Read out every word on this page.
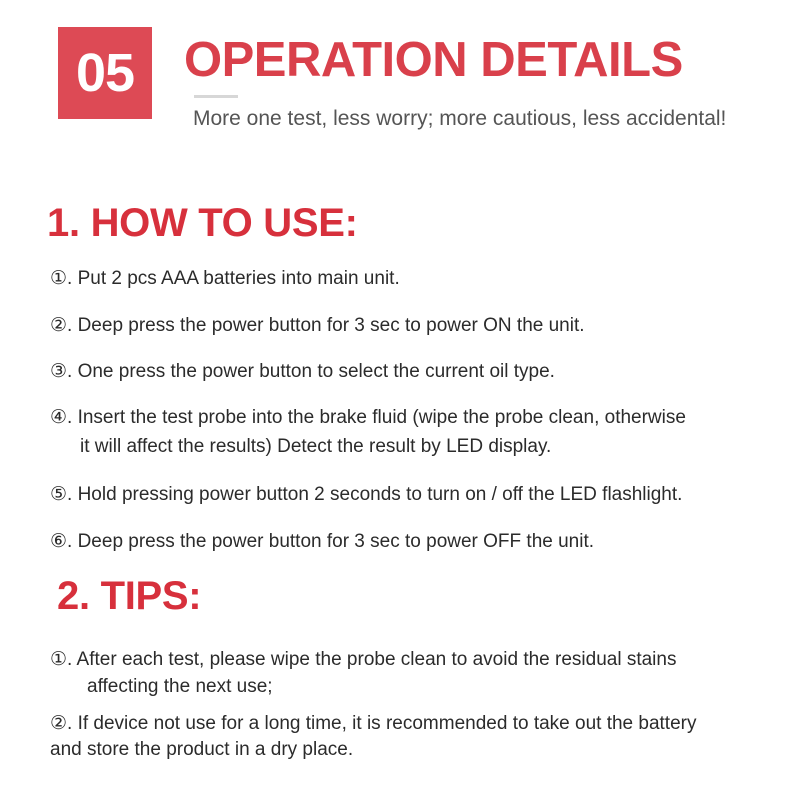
05 OPERATION DETAILS
More one test, less worry; more cautious, less accidental!
1. HOW TO USE:
①. Put 2 pcs AAA batteries into main unit.
②. Deep press the power button for 3 sec to power ON the unit.
③. One press the power button to select the current oil type.
④. Insert the test probe into the brake fluid (wipe the probe clean, otherwise
it will affect the results) Detect the result by LED display.
⑤. Hold pressing power button 2 seconds to turn on / off the LED flashlight.
⑥. Deep press the power button for 3 sec to power OFF the unit.
2. TIPS:
①. After each test, please wipe the probe clean to avoid the residual stains
affecting the next use;
②. If device not use for a long time, it is recommended to take out the battery
and store the product in a dry place.
